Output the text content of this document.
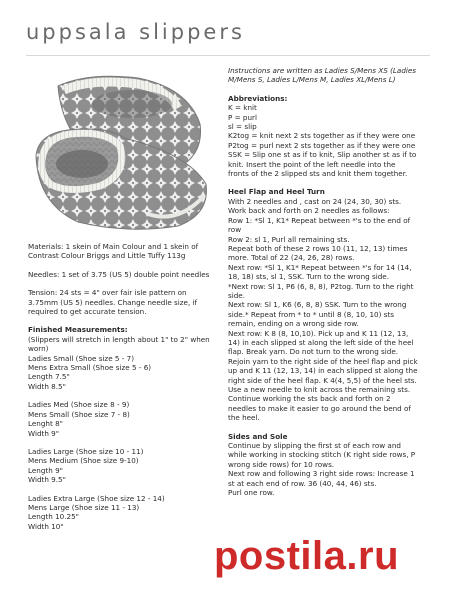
uppsala slippers

Materials: 1 skein of Main Colour and 1 skein of
Contrast Colour Briggs and Little Tuffy 113g

Needles: 1 set of 3.75 (US 5) double point needles

Tension: 24 sts = 4" over fair isle pattern on
3.75mm (US 5) needles. Change needle size, if
required to get accurate tension.

Finished Measurements:
(Slippers will stretch in length about 1" to 2" when
worn)
Ladies Small (Shoe size 5 - 7)
Mens Extra Small (Shoe size 5 - 6)
Length 7.5"
Width 8.5"

Ladies Med (Shoe size 8 - 9)
Mens Small (Shoe size 7 - 8)
Lenght 8"
Width 9"

Ladies Large (Shoe size 10 - 11)
Mens Medium (Shoe size 9-10)
Length 9"
Width 9.5"

Ladies Extra Large (Shoe size 12 - 14)
Mens Large (Shoe size 11 - 13)
Length 10.25"
Width 10"

Instructions are written as Ladies S/Mens XS (Ladies
M/Mens S, Ladies L/Mens M, Ladies XL/Mens L)

Abbreviations:
K = knit
P = purl
sl = slip
K2tog = knit next 2 sts together as if they were one
P2tog = purl next 2 sts together as if they were one
SSK = Slip one st as if to knit, Slip another st as if to
knit. Insert the point of the left needle into the
fronts of the 2 slipped sts and knit them together.

Heel Flap and Heel Turn
With 2 needles and , cast on 24 (24, 30, 30) sts.
Work back and forth on 2 needles as follows:
Row 1: *Sl 1, K1* Repeat between *'s to the end of
row
Row 2: sl 1, Purl all remaining sts.
Repeat both of these 2 rows 10 (11, 12, 13) times
more. Total of 22 (24, 26, 28) rows.
Next row: *Sl 1, K1* Repeat between *'s for 14 (14,
18, 18) sts, sl 1, SSK. Turn to the wrong side.
*Next row: Sl 1, P6 (6, 8, 8), P2tog. Turn to the right
side.
Next row: Sl 1, K6 (6, 8, 8) SSK. Turn to the wrong
side.* Repeat from * to * until 8 (8, 10, 10) sts
remain, ending on a wrong side row.
Next row: K 8 (8, 10,10). Pick up and K 11 (12, 13,
14) in each slipped st along the left side of the heel
flap. Break yarn. Do not turn to the wrong side.
Rejoin yarn to the right side of the heel flap and pick
up and K 11 (12, 13, 14) in each slipped st along the
right side of the heel flap. K 4(4, 5,5) of the heel sts.
Use a new needle to knit across the remaining sts.
Continue working the sts back and forth on 2
needles to make it easier to go around the bend of
the heel.

Sides and Sole
Continue by slipping the first st of each row and
while working in stocking stitch (K right side rows, P
wrong side rows) for 10 rows.
Next row and following 3 right side rows: Increase 1
st at each end of row. 36 (40, 44, 46) sts.
Purl one row.

postila.ru
